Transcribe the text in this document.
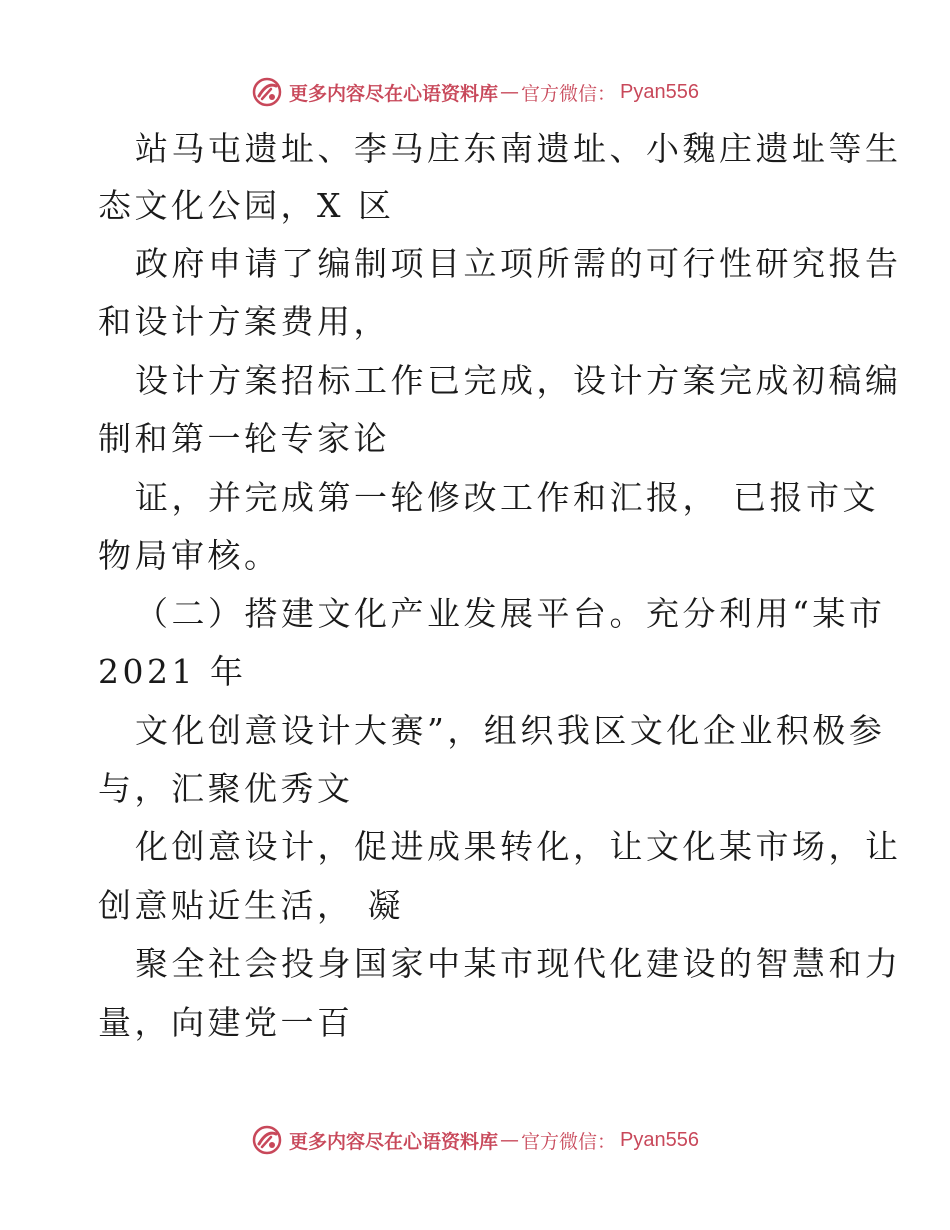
更多内容尽在心语资料库 — 官方微信： Pyan556
站马屯遗址、李马庄东南遗址、小魏庄遗址等生
态文化公园，X 区
政府申请了编制项目立项所需的可行性研究报告
和设计方案费用，
设计方案招标工作已完成，设计方案完成初稿编
制和第一轮专家论
证，并完成第一轮修改工作和汇报， 已报市文
物局审核。
（二）搭建文化产业发展平台。充分利用“某市
2021 年
文化创意设计大赛”，组织我区文化企业积极参
与，汇聚优秀文
化创意设计，促进成果转化，让文化某市场，让
创意贴近生活， 凝
聚全社会投身国家中某市现代化建设的智慧和力
量，向建党一百
更多内容尽在心语资料库 — 官方微信： Pyan556
